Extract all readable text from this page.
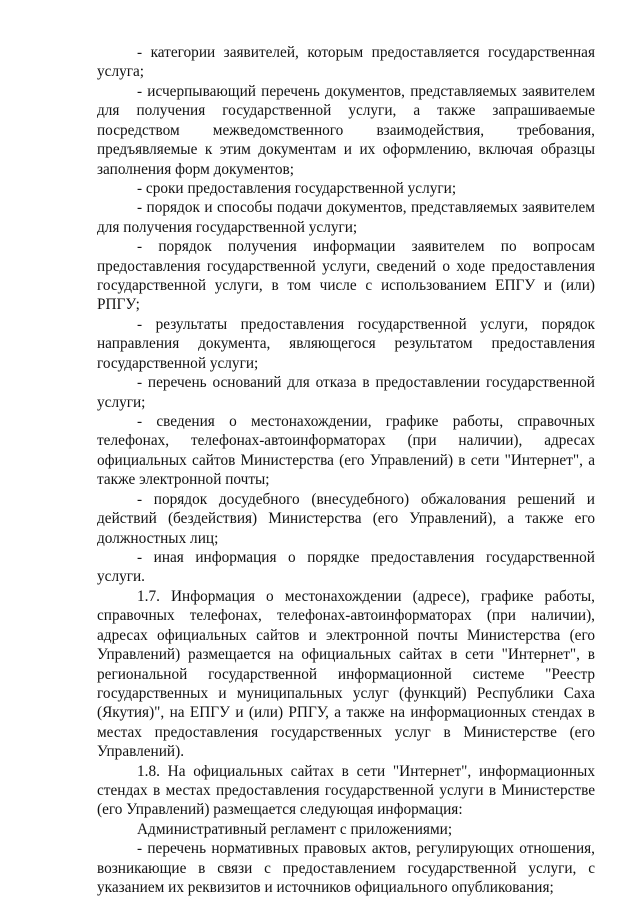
- категории заявителей, которым предоставляется государственная услуга;

- исчерпывающий перечень документов, представляемых заявителем для получения государственной услуги, а также запрашиваемые посредством межведомственного взаимодействия, требования, предъявляемые к этим документам и их оформлению, включая образцы заполнения форм документов;

- сроки предоставления государственной услуги;

- порядок и способы подачи документов, представляемых заявителем для получения государственной услуги;

- порядок получения информации заявителем по вопросам предоставления государственной услуги, сведений о ходе предоставления государственной услуги, в том числе с использованием ЕПГУ и (или) РПГУ;

- результаты предоставления государственной услуги, порядок направления документа, являющегося результатом предоставления государственной услуги;

- перечень оснований для отказа в предоставлении государственной услуги;

- сведения о местонахождении, графике работы, справочных телефонах, телефонах-автоинформаторах (при наличии), адресах официальных сайтов Министерства (его Управлений) в сети "Интернет", а также электронной почты;

- порядок досудебного (внесудебного) обжалования решений и действий (бездействия) Министерства (его Управлений), а также его должностных лиц;

- иная информация о порядке предоставления государственной услуги.

1.7. Информация о местонахождении (адресе), графике работы, справочных телефонах, телефонах-автоинформаторах (при наличии), адресах официальных сайтов и электронной почты Министерства (его Управлений) размещается на официальных сайтах в сети "Интернет", в региональной государственной информационной системе "Реестр государственных и муниципальных услуг (функций) Республики Саха (Якутия)", на ЕПГУ и (или) РПГУ, а также на информационных стендах в местах предоставления государственных услуг в Министерстве (его Управлений).

1.8. На официальных сайтах в сети "Интернет", информационных стендах в местах предоставления государственной услуги в Министерстве (его Управлений) размещается следующая информация:

Административный регламент с приложениями;

- перечень нормативных правовых актов, регулирующих отношения, возникающие в связи с предоставлением государственной услуги, с указанием их реквизитов и источников официального опубликования;
